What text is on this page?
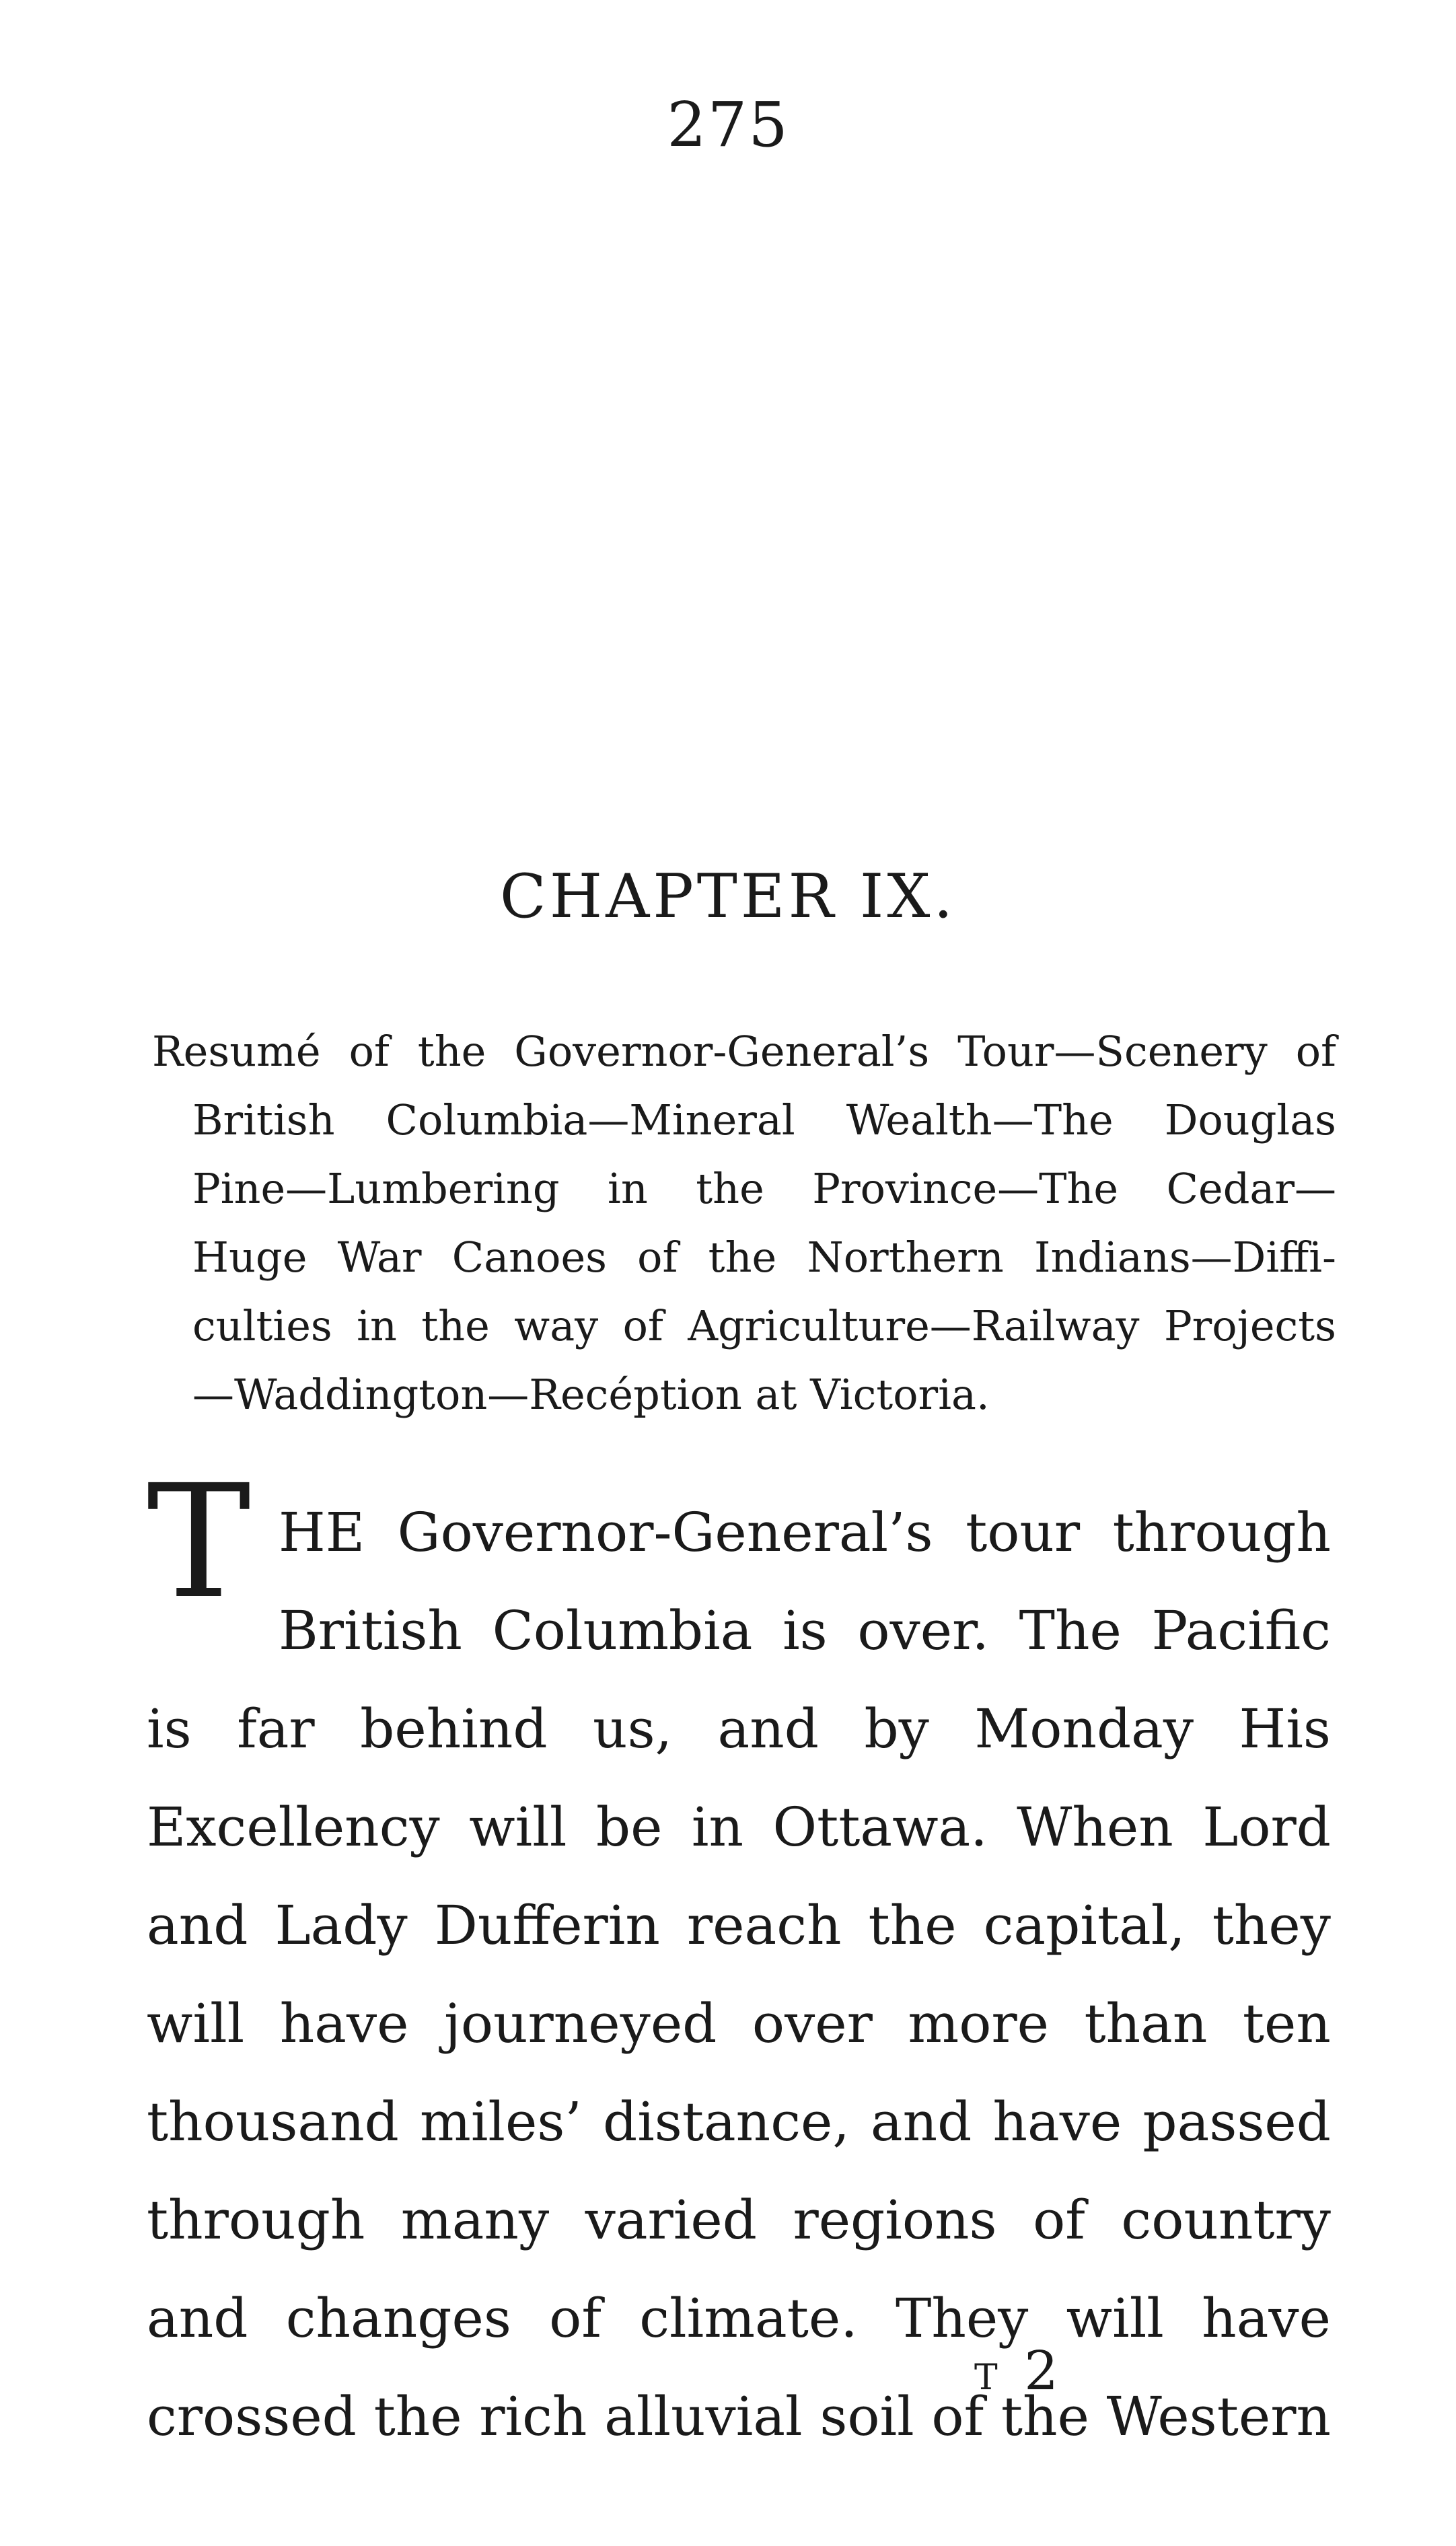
275
CHAPTER IX.
Resumé of the Governor-General’s Tour—Scenery of
British Columbia—Mineral Wealth—The Douglas
Pine—Lumbering in the Province—The Cedar—
Huge War Canoes of the Northern Indians—Diffi-
culties in the way of Agriculture—Railway Projects
—Waddington—Recéption at Victoria.
T HE Governor-General’s tour through
British Columbia is over. The Pacific
is far behind us, and by Monday His
Excellency will be in Ottawa. When Lord
and Lady Dufferin reach the capital, they
will have journeyed over more than ten
thousand miles’ distance, and have passed
through many varied regions of country
and changes of climate. They will have
crossed the rich alluvial soil of the Western
T 2
